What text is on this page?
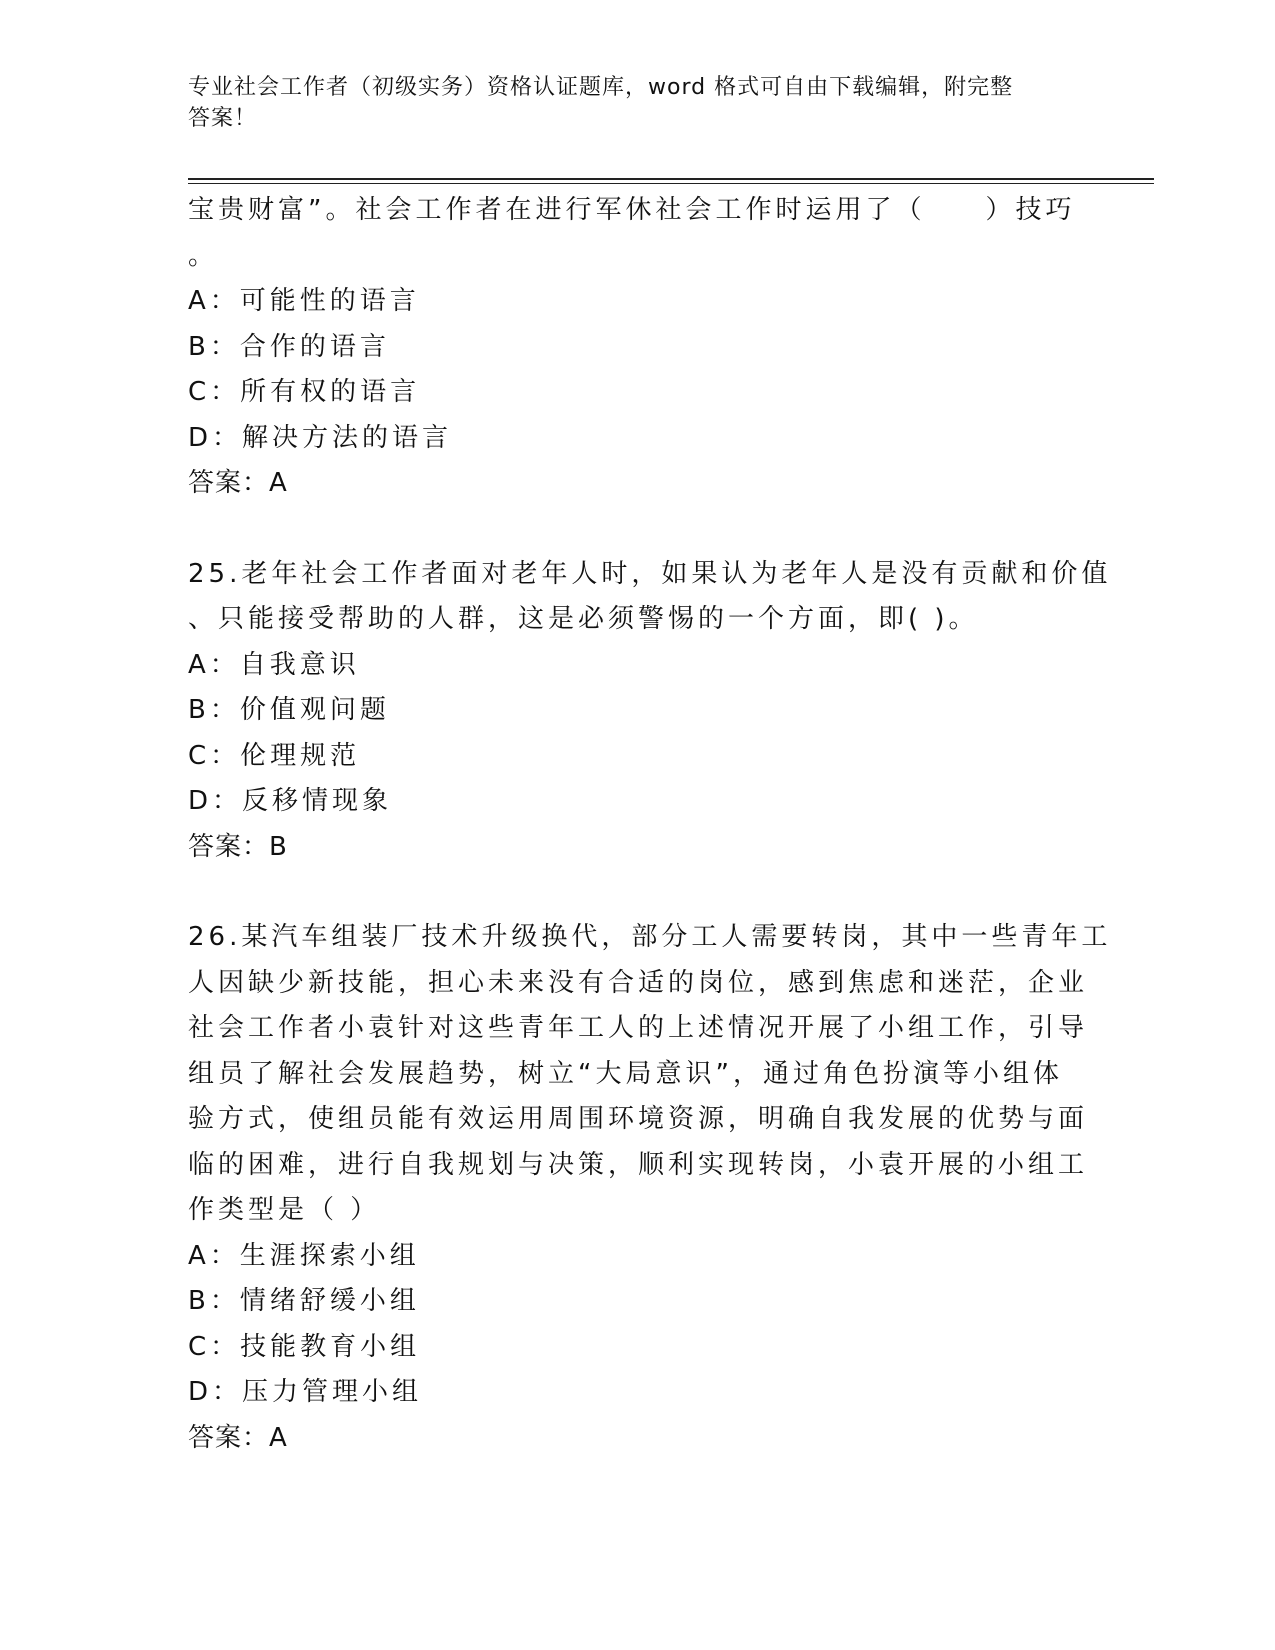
专业社会工作者（初级实务）资格认证题库，word 格式可自由下载编辑，附完整
答案！

宝贵财富”。社会工作者在进行军休社会工作时运用了（　　）技巧

。

A：可能性的语言

B：合作的语言

C：所有权的语言

D：解决方法的语言

答案：A

25.老年社会工作者面对老年人时，如果认为老年人是没有贡献和价值

、只能接受帮助的人群，这是必须警惕的一个方面，即( )。

A：自我意识

B：价值观问题

C：伦理规范

D：反移情现象

答案：B

26.某汽车组装厂技术升级换代，部分工人需要转岗，其中一些青年工

人因缺少新技能，担心未来没有合适的岗位，感到焦虑和迷茫，企业

社会工作者小袁针对这些青年工人的上述情况开展了小组工作，引导

组员了解社会发展趋势，树立“大局意识”，通过角色扮演等小组体

验方式，使组员能有效运用周围环境资源，明确自我发展的优势与面

临的困难，进行自我规划与决策，顺利实现转岗，小袁开展的小组工

作类型是（ ）

A：生涯探索小组

B：情绪舒缓小组

C：技能教育小组

D：压力管理小组

答案：A
